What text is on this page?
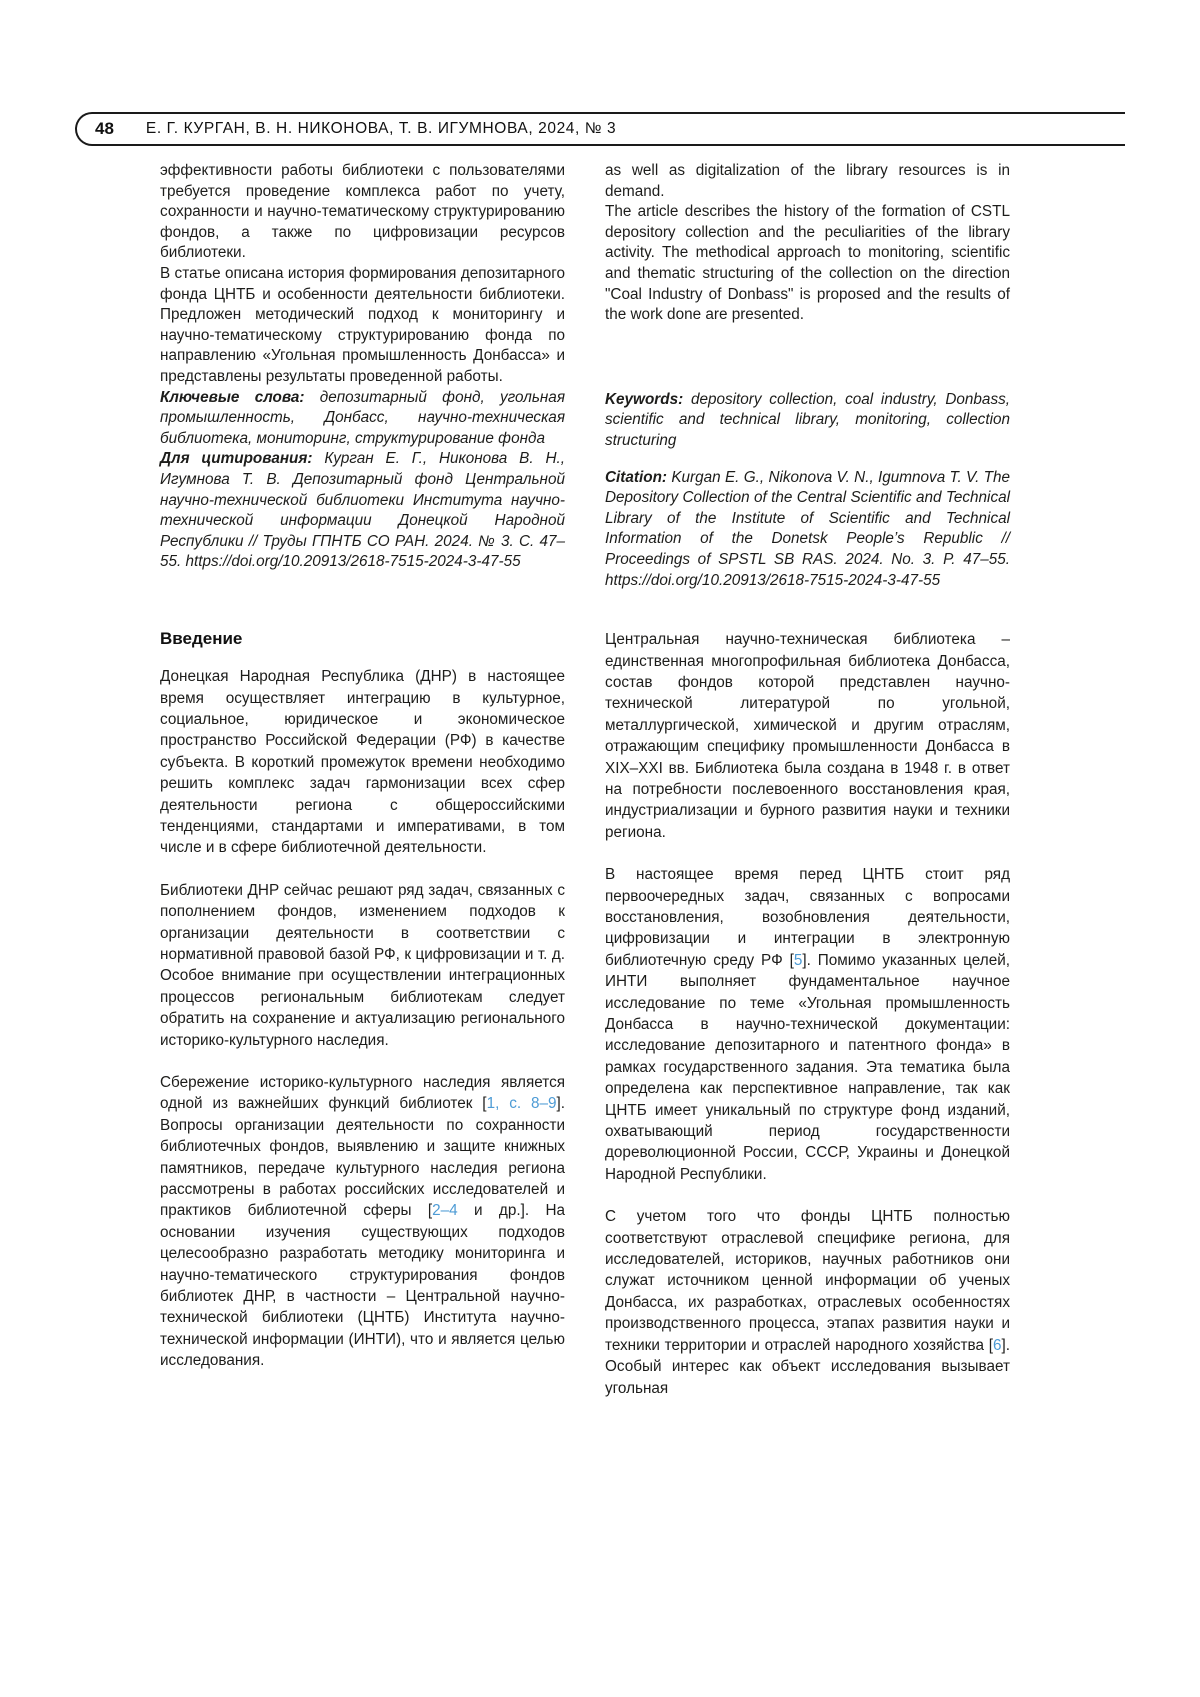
48 Е. Г. КУРГАН, В. Н. НИКОНОВА, Т. В. ИГУМНОВА, 2024, № 3

эффективности работы библиотеки с пользователями требуется проведение комплекса работ по учету, сохранности и научно-тематическому структурированию фондов, а также по цифровизации ресурсов библиотеки.

В статье описана история формирования депозитарного фонда ЦНТБ и особенности деятельности библиотеки. Предложен методический подход к мониторингу и научно-тематическому структурированию фонда по направлению «Угольная промышленность Донбасса» и представлены результаты проведенной работы.

Ключевые слова: депозитарный фонд, угольная промышленность, Донбасс, научно-техническая библиотека, мониторинг, структурирование фонда

Для цитирования: Курган Е. Г., Никонова В. Н., Игумнова Т. В. Депозитарный фонд Центральной научно-технической библиотеки Института научно-технической информации Донецкой Народной Республики // Труды ГПНТБ СО РАН. 2024. № 3. С. 47–55. https://doi.org/10.20913/2618-7515-2024-3-47-55

as well as digitalization of the library resources is in demand.

The article describes the history of the formation of CSTL depository collection and the peculiarities of the library activity. The methodical approach to monitoring, scientific and thematic structuring of the collection on the direction "Coal Industry of Donbass" is proposed and the results of the work done are presented.

Keywords: depository collection, coal industry, Donbass, scientific and technical library, monitoring, collection structuring

Citation: Kurgan E. G., Nikonova V. N., Igumnova T. V. The Depository Collection of the Central Scientific and Technical Library of the Institute of Scientific and Technical Information of the Donetsk People’s Republic // Proceedings of SPSTL SB RAS. 2024. No. 3. P. 47–55. https://doi.org/10.20913/2618-7515-2024-3-47-55

Введение

Донецкая Народная Республика (ДНР) в настоящее время осуществляет интеграцию в культурное, социальное, юридическое и экономическое пространство Российской Федерации (РФ) в качестве субъекта. В короткий промежуток времени необходимо решить комплекс задач гармонизации всех сфер деятельности региона с общероссийскими тенденциями, стандартами и императивами, в том числе и в сфере библиотечной деятельности.

Библиотеки ДНР сейчас решают ряд задач, связанных с пополнением фондов, изменением подходов к организации деятельности в соответствии с нормативной правовой базой РФ, к цифровизации и т. д. Особое внимание при осуществлении интеграционных процессов региональным библиотекам следует обратить на сохранение и актуализацию регионального историко-культурного наследия.

Сбережение историко-культурного наследия является одной из важнейших функций библиотек [1, с. 8–9]. Вопросы организации деятельности по сохранности библиотечных фондов, выявлению и защите книжных памятников, передаче культурного наследия региона рассмотрены в работах российских исследователей и практиков библиотечной сферы [2–4 и др.]. На основании изучения существующих подходов целесообразно разработать методику мониторинга и научно-тематического структурирования фондов библиотек ДНР, в частности – Центральной научно-технической библиотеки (ЦНТБ) Института научно-технической информации (ИНТИ), что и является целью исследования.

Центральная научно-техническая библиотека – единственная многопрофильная библиотека Донбасса, состав фондов которой представлен научно-технической литературой по угольной, металлургической, химической и другим отраслям, отражающим специфику промышленности Донбасса в XIX–XXI вв. Библиотека была создана в 1948 г. в ответ на потребности послевоенного восстановления края, индустриализации и бурного развития науки и техники региона.

В настоящее время перед ЦНТБ стоит ряд первоочередных задач, связанных с вопросами восстановления, возобновления деятельности, цифровизации и интеграции в электронную библиотечную среду РФ [5]. Помимо указанных целей, ИНТИ выполняет фундаментальное научное исследование по теме «Угольная промышленность Донбасса в научно-технической документации: исследование депозитарного и патентного фонда» в рамках государственного задания. Эта тематика была определена как перспективное направление, так как ЦНТБ имеет уникальный по структуре фонд изданий, охватывающий период государственности дореволюционной России, СССР, Украины и Донецкой Народной Республики.

С учетом того что фонды ЦНТБ полностью соответствуют отраслевой специфике региона, для исследователей, историков, научных работников они служат источником ценной информации об ученых Донбасса, их разработках, отраслевых особенностях производственного процесса, этапах развития науки и техники территории и отраслей народного хозяйства [6]. Особый интерес как объект исследования вызывает угольная
